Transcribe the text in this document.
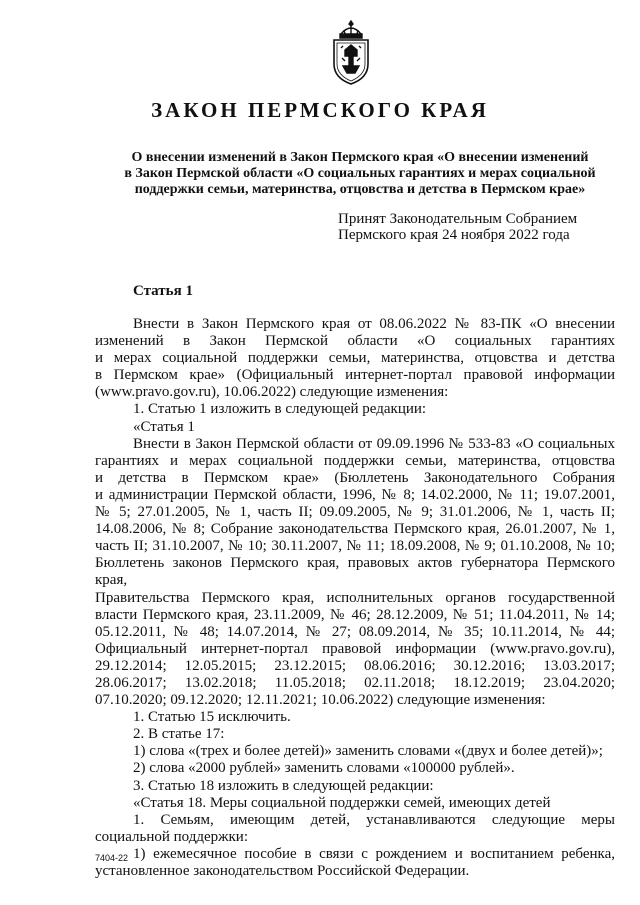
ЗАКОН ПЕРМСКОГО КРАЯ
О внесении изменений в Закон Пермского края «О внесении изменений
в Закон Пермской области «О социальных гарантиях и мерах социальной
поддержки семьи, материнства, отцовства и детства в Пермском крае»
Принят Законодательным Собранием
Пермского края 24 ноября 2022 года
Статья 1

Внести в Закон Пермского края от 08.06.2022 № 83-ПК «О внесении

изменений в Закон Пермской области «О социальных гарантиях

и мерах социальной поддержки семьи, материнства, отцовства и детства

в Пермском крае» (Официальный интернет-портал правовой информации

(www.pravo.gov.ru), 10.06.2022) следующие изменения:

1. Статью 1 изложить в следующей редакции:

«Статья 1

Внести в Закон Пермской области от 09.09.1996 № 533-83 «О социальных

гарантиях и мерах социальной поддержки семьи, материнства, отцовства

и детства в Пермском крае» (Бюллетень Законодательного Собрания

и администрации Пермской области, 1996, № 8; 14.02.2000, № 11; 19.07.2001,

№ 5; 27.01.2005, № 1, часть II; 09.09.2005, № 9; 31.01.2006, № 1, часть II;

14.08.2006, № 8; Собрание законодательства Пермского края, 26.01.2007, № 1,

часть II; 31.10.2007, № 10; 30.11.2007, № 11; 18.09.2008, № 9; 01.10.2008, № 10;

Бюллетень законов Пермского края, правовых актов губернатора Пермского края,

Правительства Пермского края, исполнительных органов государственной

власти Пермского края, 23.11.2009, № 46; 28.12.2009, № 51; 11.04.2011, № 14;

05.12.2011, № 48; 14.07.2014, № 27; 08.09.2014, № 35; 10.11.2014, № 44;

Официальный интернет-портал правовой информации (www.pravo.gov.ru),

29.12.2014; 12.05.2015; 23.12.2015; 08.06.2016; 30.12.2016; 13.03.2017;

28.06.2017; 13.02.2018; 11.05.2018; 02.11.2018; 18.12.2019; 23.04.2020;

07.10.2020; 09.12.2020; 12.11.2021; 10.06.2022) следующие изменения:

1. Статью 15 исключить.

2. В статье 17:

1) слова «(трех и более детей)» заменить словами «(двух и более детей)»;

2) слова «2000 рублей» заменить словами «100000 рублей».

3. Статью 18 изложить в следующей редакции:

«Статья 18. Меры социальной поддержки семей, имеющих детей

1. Семьям, имеющим детей, устанавливаются следующие меры

социальной поддержки:

1) ежемесячное пособие в связи с рождением и воспитанием ребенка,

установленное законодательством Российской Федерации.

7404-22
